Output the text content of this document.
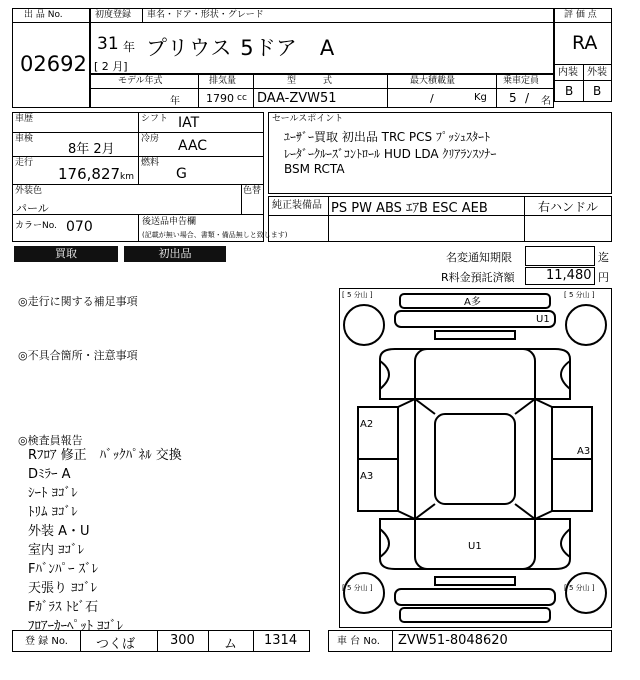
出 品 No.
02692
初度登録 車名・ドア・形状・グレード
31 年
[ 2 月]
プリウス 5ドア　A
評 価 点
RA
内装 外装
B B
モデル年式	排気量	型　　　式	最大積載量	乗車定員
年 1790 cc DAA-ZVW51	/	Kg 5 / 名
車歴	シフト IAT
車検
8年 2月
冷房 AAC
走行
176,827 km
燃料
G
外装色
パール
色替
カラーNo. 070	後送品申告欄
(記載が無い場合、書類・備品無しと致します)
セールスポイント
ﾕｰｻﾞｰ買取 初出品 TRC PCS ﾌﾟｯｼｭｽﾀｰﾄ
ﾚｰﾀﾞｰｸﾙｰｽﾞｺﾝﾄﾛｰﾙ HUD LDA ｸﾘｱﾗﾝｽｿﾅｰ
BSM RCTA
純正装備品 PS PW ABS ｴｱB ESC AEB	右ハンドル
買取	初出品	名変通知期限	迄
R料金預託済額 11,480 円
◎走行に関する補足事項
◎不具合箇所・注意事項
◎検査員報告
Rﾌﾛｱ 修正　ﾊﾞｯｸﾊﾟﾈﾙ 交換
Dﾐﾗｰ A
ｼｰﾄ ﾖｺﾞﾚ
ﾄﾘﾑ ﾖｺﾞﾚ
外装 A・U
室内 ﾖｺﾞﾚ
Fﾊﾞﾝﾊﾟｰ ｽﾞﾚ
天張り ﾖｺﾞﾚ
Fｶﾞﾗｽ ﾄﾋﾞ石
ﾌﾛｱｰｶｰﾍﾟｯﾄ ﾖｺﾞﾚ
[ 5 分山 ]	[ 5 分山 ]
[ 5 分山 ]	[ 5 分山 ]
A多
U1
A2
A3
A3
U1
登 録 No. つくば	300 ム 1314	車 台 No. ZVW51-8048620
